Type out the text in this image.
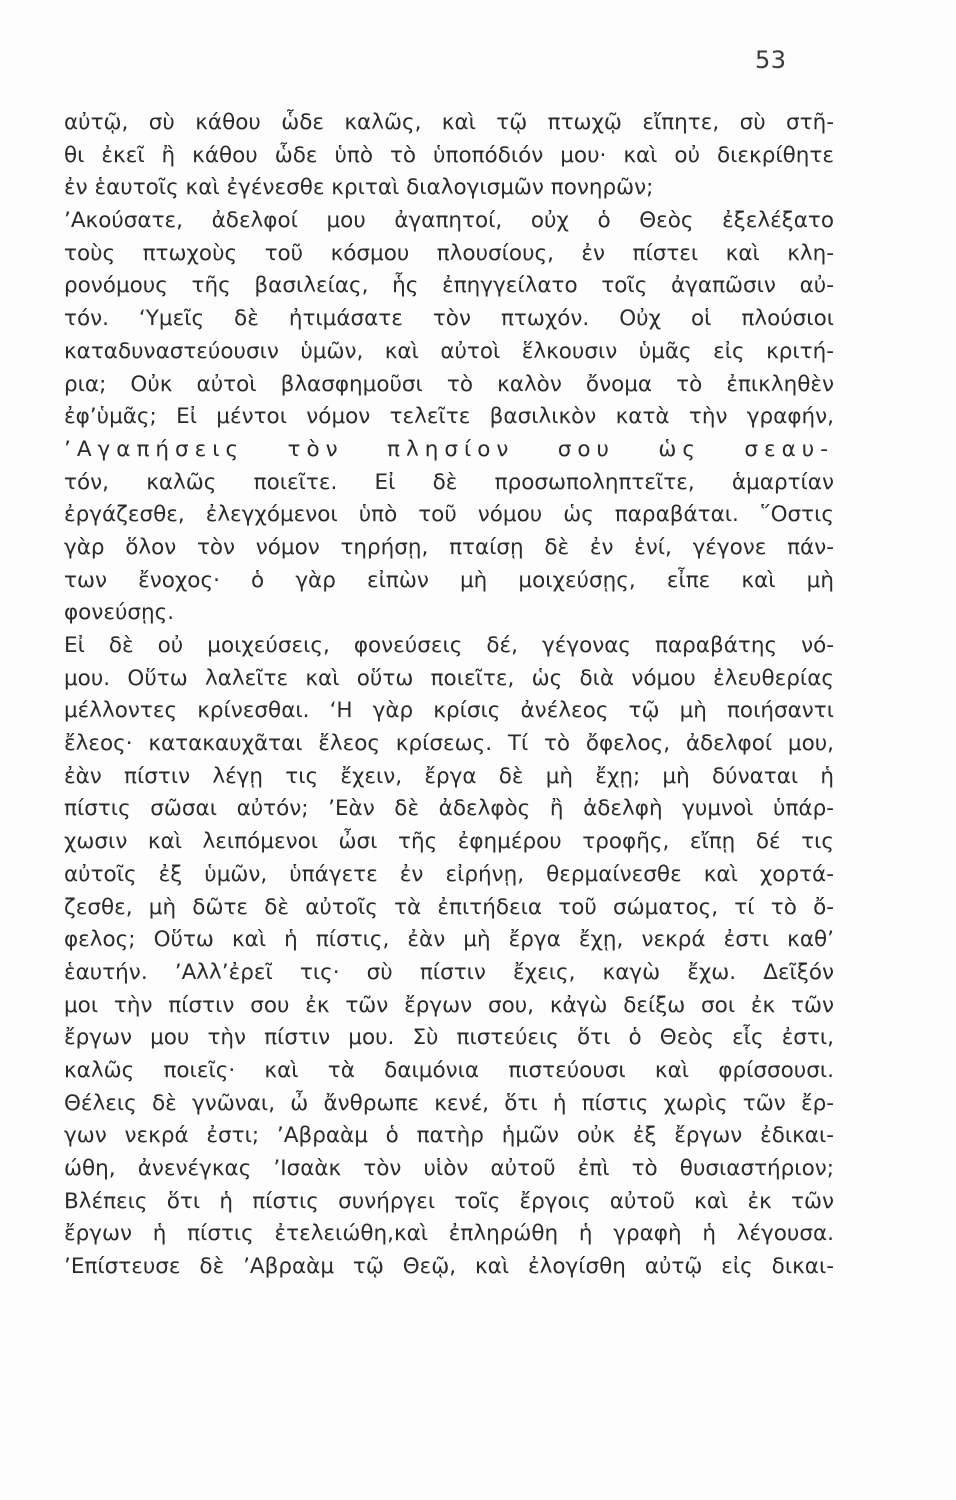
53
αὐτῷ, σὺ κάθου ὧδε καλῶς, καὶ τῷ πτωχῷ εἴπητε, σὺ στῆ-
θι ἐκεῖ ἢ κάθου ὧδε ὑπὸ τὸ ὑποπόδιόν μου· καὶ οὐ διεκρίθητε
ἐν ἑαυτοῖς καὶ ἐγένεσθε κριταὶ διαλογισμῶν πονηρῶν;
’Ακούσατε, ἀδελφοί μου ἀγαπητοί, οὐχ ὁ Θεὸς ἐξελέξατο
τοὺς πτωχοὺς τοῦ κόσμου πλουσίους, ἐν πίστει καὶ κλη-
ρονόμους τῆς βασιλείας, ἧς ἐπηγγείλατο τοῖς ἀγαπῶσιν αὐ-
τόν. ‘Υμεῖς δὲ ἠτιμάσατε τὸν πτωχόν. Οὐχ οἱ πλούσιοι
καταδυναστεύουσιν ὑμῶν, καὶ αὐτοὶ ἕλκουσιν ὑμᾶς εἰς κριτή-
ρια; Οὐκ αὐτοὶ βλασφημοῦσι τὸ καλὸν ὄνομα τὸ ἐπικληθὲν
ἐφ’ὑμᾶς; Εἰ μέντοι νόμον τελεῖτε βασιλικὸν κατὰ τὴν γραφήν,
’Αγαπήσεις τὸν πλησίον σου ὡς σεαυ-
τόν, καλῶς ποιεῖτε. Εἰ δὲ προσωποληπτεῖτε, ἁμαρτίαν
ἐργάζεσθε, ἐλεγχόμενοι ὑπὸ τοῦ νόμου ὡς παραβάται. ῞Οστις
γὰρ ὅλον τὸν νόμον τηρήσῃ, πταίσῃ δὲ ἐν ἑνί, γέγονε πάν-
των ἔνοχος· ὁ γὰρ εἰπὼν μὴ μοιχεύσῃς, εἶπε καὶ μὴ
φονεύσῃς.
Εἰ δὲ οὐ μοιχεύσεις, φονεύσεις δέ, γέγονας παραβάτης νό-
μου. Οὕτω λαλεῖτε καὶ οὕτω ποιεῖτε, ὡς διὰ νόμου ἐλευθερίας
μέλλοντες κρίνεσθαι. ‘Η γὰρ κρίσις ἀνέλεος τῷ μὴ ποιήσαντι
ἔλεος· κατακαυχᾶται ἔλεος κρίσεως. Τί τὸ ὄφελος, ἀδελφοί μου,
ἐὰν πίστιν λέγῃ τις ἔχειν, ἔργα δὲ μὴ ἔχῃ; μὴ δύναται ἡ
πίστις σῶσαι αὐτόν; ’Εὰν δὲ ἀδελφὸς ἢ ἀδελφὴ γυμνοὶ ὑπάρ-
χωσιν καὶ λειπόμενοι ὦσι τῆς ἐφημέρου τροφῆς, εἴπῃ δέ τις
αὐτοῖς ἐξ ὑμῶν, ὑπάγετε ἐν εἰρήνῃ, θερμαίνεσθε καὶ χορτά-
ζεσθε, μὴ δῶτε δὲ αὐτοῖς τὰ ἐπιτήδεια τοῦ σώματος, τί τὸ ὄ-
φελος; Οὕτω καὶ ἡ πίστις, ἐὰν μὴ ἔργα ἔχῃ, νεκρά ἐστι καθ’
ἑαυτήν. ’Αλλ’ἐρεῖ τις· σὺ πίστιν ἔχεις, καγὼ ἔχω. Δεῖξόν
μοι τὴν πίστιν σου ἐκ τῶν ἔργων σου, κἀγὼ δείξω σοι ἐκ τῶν
ἔργων μου τὴν πίστιν μου. Σὺ πιστεύεις ὅτι ὁ Θεὸς εἷς ἐστι,
καλῶς ποιεῖς· καὶ τὰ δαιμόνια πιστεύουσι καὶ φρίσσουσι.
Θέλεις δὲ γνῶναι, ὦ ἄνθρωπε κενέ, ὅτι ἡ πίστις χωρὶς τῶν ἔρ-
γων νεκρά ἐστι; ’Αβραὰμ ὁ πατὴρ ἡμῶν οὐκ ἐξ ἔργων ἐδικαι-
ώθη, ἀνενέγκας ’Ισαὰκ τὸν υἱὸν αὐτοῦ ἐπὶ τὸ θυσιαστήριον;
Βλέπεις ὅτι ἡ πίστις συνήργει τοῖς ἔργοις αὐτοῦ καὶ ἐκ τῶν
ἔργων ἡ πίστις ἐτελειώθη,καὶ ἐπληρώθη ἡ γραφὴ ἡ λέγουσα.
’Επίστευσε δὲ ’Αβραὰμ τῷ Θεῷ, καὶ ἐλογίσθη αὐτῷ εἰς δικαι-
